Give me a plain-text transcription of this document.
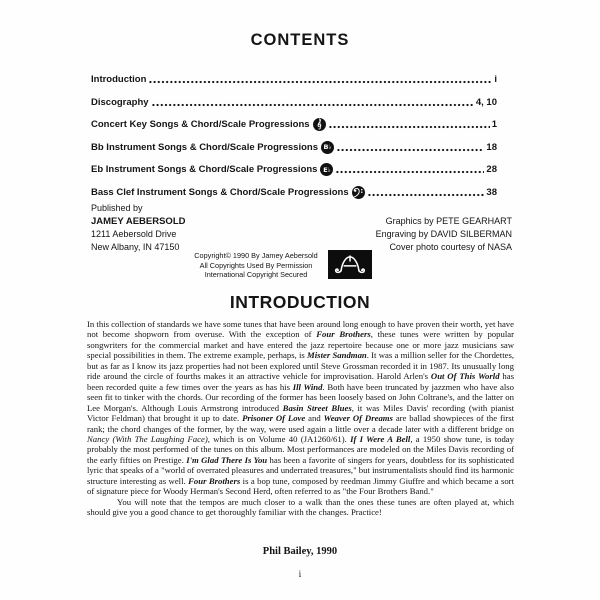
CONTENTS
Introduction	i
Discography	4, 10
Concert Key Songs & Chord/Scale Progressions	1
Bb Instrument Songs & Chord/Scale Progressions B♭	18
Eb Instrument Songs & Chord/Scale Progressions E♭	28
Bass Clef Instrument Songs & Chord/Scale Progressions	38
Published by
JAMEY AEBERSOLD
1211 Aebersold Drive
New Albany, IN 47150
Graphics by PETE GEARHART
Engraving by DAVID SILBERMAN
Cover photo courtesy of NASA
Copyright© 1990 By Jamey Aebersold
All Copyrights Used By Permission
International Copyright Secured
INTRODUCTION

In this collection of standards we have some tunes that have been around long enough to have proven their worth, yet have not become shopworn from overuse. With the exception of Four Brothers, these tunes were written by popular songwriters for the commercial market and have entered the jazz repertoire because one or more jazz musicians saw special possibilities in them. The extreme example, perhaps, is Mister Sandman. It was a million seller for the Chordettes, but as far as I know its jazz properties had not been explored until Steve Grossman recorded it in 1987. Its unusually long ride around the circle of fourths makes it an attractive vehicle for improvisation. Harold Arlen's Out Of This World has been recorded quite a few times over the years as has his Ill Wind. Both have been truncated by jazzmen who have also seen fit to tinker with the chords. Our recording of the former has been loosely based on John Coltrane's, and the latter on Lee Morgan's. Although Louis Armstrong introduced Basin Street Blues, it was Miles Davis' recording (with pianist Victor Feldman) that brought it up to date. Prisoner Of Love and Weaver Of Dreams are ballad showpieces of the first rank; the chord changes of the former, by the way, were used again a little over a decade later with a different bridge on Nancy (With The Laughing Face), which is on Volume 40 (JA1260/61). If I Were A Bell, a 1950 show tune, is today probably the most performed of the tunes on this album. Most performances are modeled on the Miles Davis recording of the early fifties on Prestige. I'm Glad There Is You has been a favorite of singers for years, doubtless for its sophisticated lyric that speaks of a "world of overrated pleasures and underrated treasures," but instrumentalists should find its harmonic structure interesting as well. Four Brothers is a bop tune, composed by reedman Jimmy Giuffre and which became a sort of signature piece for Woody Herman's Second Herd, often referred to as "the Four Brothers Band."

You will note that the tempos are much closer to a walk than the ones these tunes are often played at, which should give you a good chance to get thoroughly familiar with the changes. Practice!

Phil Bailey, 1990
i
